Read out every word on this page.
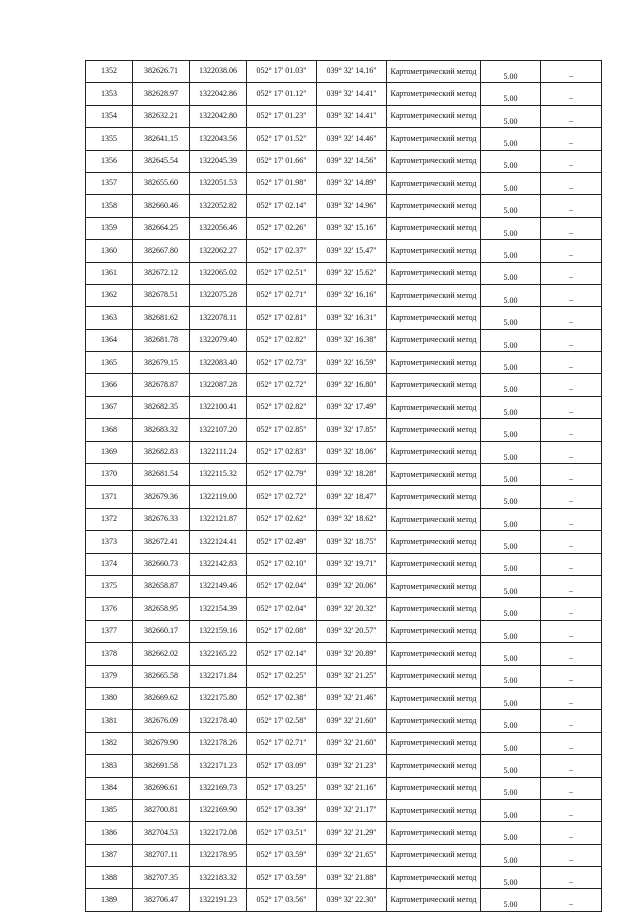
1352	382626.71	1322038.06	052° 17' 01.03"	039° 32' 14.16"	Картометрический метод	5.00	–
1353	382628.97	1322042.86	052° 17' 01.12"	039° 32' 14.41"	Картометрический метод	5.00	–
1354	382632.21	1322042.80	052° 17' 01.23"	039° 32' 14.41"	Картометрический метод	5.00	–
1355	382641.15	1322043.56	052° 17' 01.52"	039° 32' 14.46"	Картометрический метод	5.00	–
1356	382645.54	1322045.39	052° 17' 01.66"	039° 32' 14.56"	Картометрический метод	5.00	–
1357	382655.60	1322051.53	052° 17' 01.98"	039° 32' 14.89"	Картометрический метод	5.00	–
1358	382660.46	1322052.82	052° 17' 02.14"	039° 32' 14.96"	Картометрический метод	5.00	–
1359	382664.25	1322056.46	052° 17' 02.26"	039° 32' 15.16"	Картометрический метод	5.00	–
1360	382667.80	1322062.27	052° 17' 02.37"	039° 32' 15.47"	Картометрический метод	5.00	–
1361	382672.12	1322065.02	052° 17' 02.51"	039° 32' 15.62"	Картометрический метод	5.00	–
1362	382678.51	1322075.28	052° 17' 02.71"	039° 32' 16.16"	Картометрический метод	5.00	–
1363	382681.62	1322078.11	052° 17' 02.81"	039° 32' 16.31"	Картометрический метод	5.00	–
1364	382681.78	1322079.40	052° 17' 02.82"	039° 32' 16.38"	Картометрический метод	5.00	–
1365	382679.15	1322083.40	052° 17' 02.73"	039° 32' 16.59"	Картометрический метод	5.00	–
1366	382678.87	1322087.28	052° 17' 02.72"	039° 32' 16.80"	Картометрический метод	5.00	–
1367	382682.35	1322100.41	052° 17' 02.82"	039° 32' 17.49"	Картометрический метод	5.00	–
1368	382683.32	1322107.20	052° 17' 02.85"	039° 32' 17.85"	Картометрический метод	5.00	–
1369	382682.83	1322111.24	052° 17' 02.83"	039° 32' 18.06"	Картометрический метод	5.00	–
1370	382681.54	1322115.32	052° 17' 02.79"	039° 32' 18.28"	Картометрический метод	5.00	–
1371	382679.36	1322119.00	052° 17' 02.72"	039° 32' 18.47"	Картометрический метод	5.00	–
1372	382676.33	1322121.87	052° 17' 02.62"	039° 32' 18.62"	Картометрический метод	5.00	–
1373	382672.41	1322124.41	052° 17' 02.49"	039° 32' 18.75"	Картометрический метод	5.00	–
1374	382660.73	1322142.83	052° 17' 02.10"	039° 32' 19.71"	Картометрический метод	5.00	–
1375	382658.87	1322149.46	052° 17' 02.04"	039° 32' 20.06"	Картометрический метод	5.00	–
1376	382658.95	1322154.39	052° 17' 02.04"	039° 32' 20.32"	Картометрический метод	5.00	–
1377	382660.17	1322159.16	052° 17' 02.08"	039° 32' 20.57"	Картометрический метод	5.00	–
1378	382662.02	1322165.22	052° 17' 02.14"	039° 32' 20.89"	Картометрический метод	5.00	–
1379	382665.58	1322171.84	052° 17' 02.25"	039° 32' 21.25"	Картометрический метод	5.00	–
1380	382669.62	1322175.80	052° 17' 02.38"	039° 32' 21.46"	Картометрический метод	5.00	–
1381	382676.09	1322178.40	052° 17' 02.58"	039° 32' 21.60"	Картометрический метод	5.00	–
1382	382679.90	1322178.26	052° 17' 02.71"	039° 32' 21.60"	Картометрический метод	5.00	–
1383	382691.58	1322171.23	052° 17' 03.09"	039° 32' 21.23"	Картометрический метод	5.00	–
1384	382696.61	1322169.73	052° 17' 03.25"	039° 32' 21.16"	Картометрический метод	5.00	–
1385	382700.81	1322169.90	052° 17' 03.39"	039° 32' 21.17"	Картометрический метод	5.00	–
1386	382704.53	1322172.08	052° 17' 03.51"	039° 32' 21.29"	Картометрический метод	5.00	–
1387	382707.11	1322178.95	052° 17' 03.59"	039° 32' 21.65"	Картометрический метод	5.00	–
1388	382707.35	1322183.32	052° 17' 03.59"	039° 32' 21.88"	Картометрический метод	5.00	–
1389	382706.47	1322191.23	052° 17' 03.56"	039° 32' 22.30"	Картометрический метод	5.00	–
